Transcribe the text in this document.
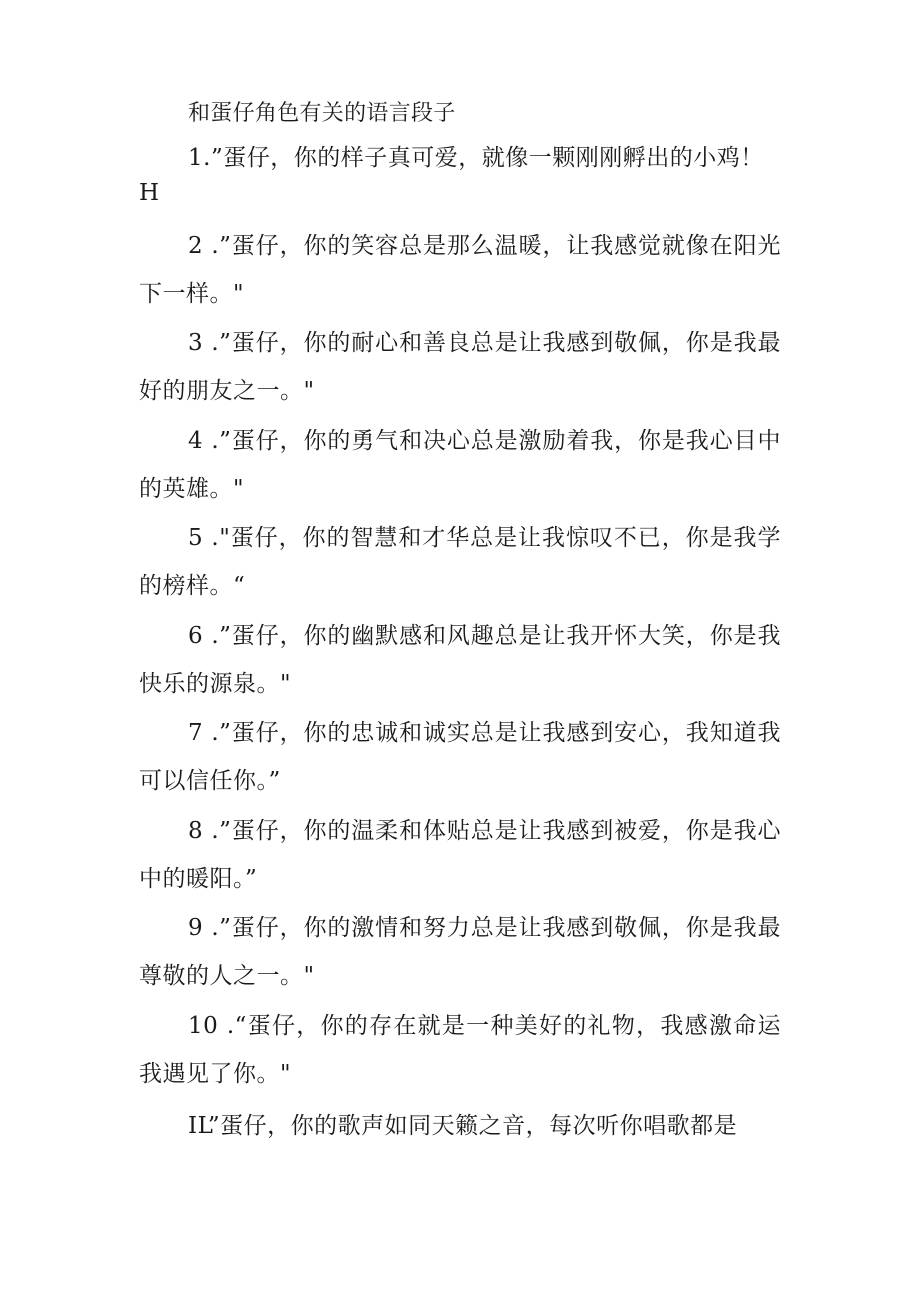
和蛋仔角色有关的语言段子
1.”蛋仔，你的样子真可爱，就像一颗刚刚孵出的小鸡！
H
2 .”蛋仔，你的笑容总是那么温暖，让我感觉就像在阳光
下一样。"
3 .”蛋仔，你的耐心和善良总是让我感到敬佩，你是我最
好的朋友之一。"
4 .”蛋仔，你的勇气和决心总是激励着我，你是我心目中
的英雄。"
5 ."蛋仔，你的智慧和才华总是让我惊叹不已，你是我学
的榜样。“
6 .”蛋仔，你的幽默感和风趣总是让我开怀大笑，你是我
快乐的源泉。"
7 .”蛋仔，你的忠诚和诚实总是让我感到安心，我知道我
可以信任你。”
8 .”蛋仔，你的温柔和体贴总是让我感到被爱，你是我心
中的暖阳。”
9 .”蛋仔，你的激情和努力总是让我感到敬佩，你是我最
尊敬的人之一。"
10 .“蛋仔，你的存在就是一种美好的礼物，我感激命运
我遇见了你。"
IL”蛋仔，你的歌声如同天籁之音，每次听你唱歌都是
